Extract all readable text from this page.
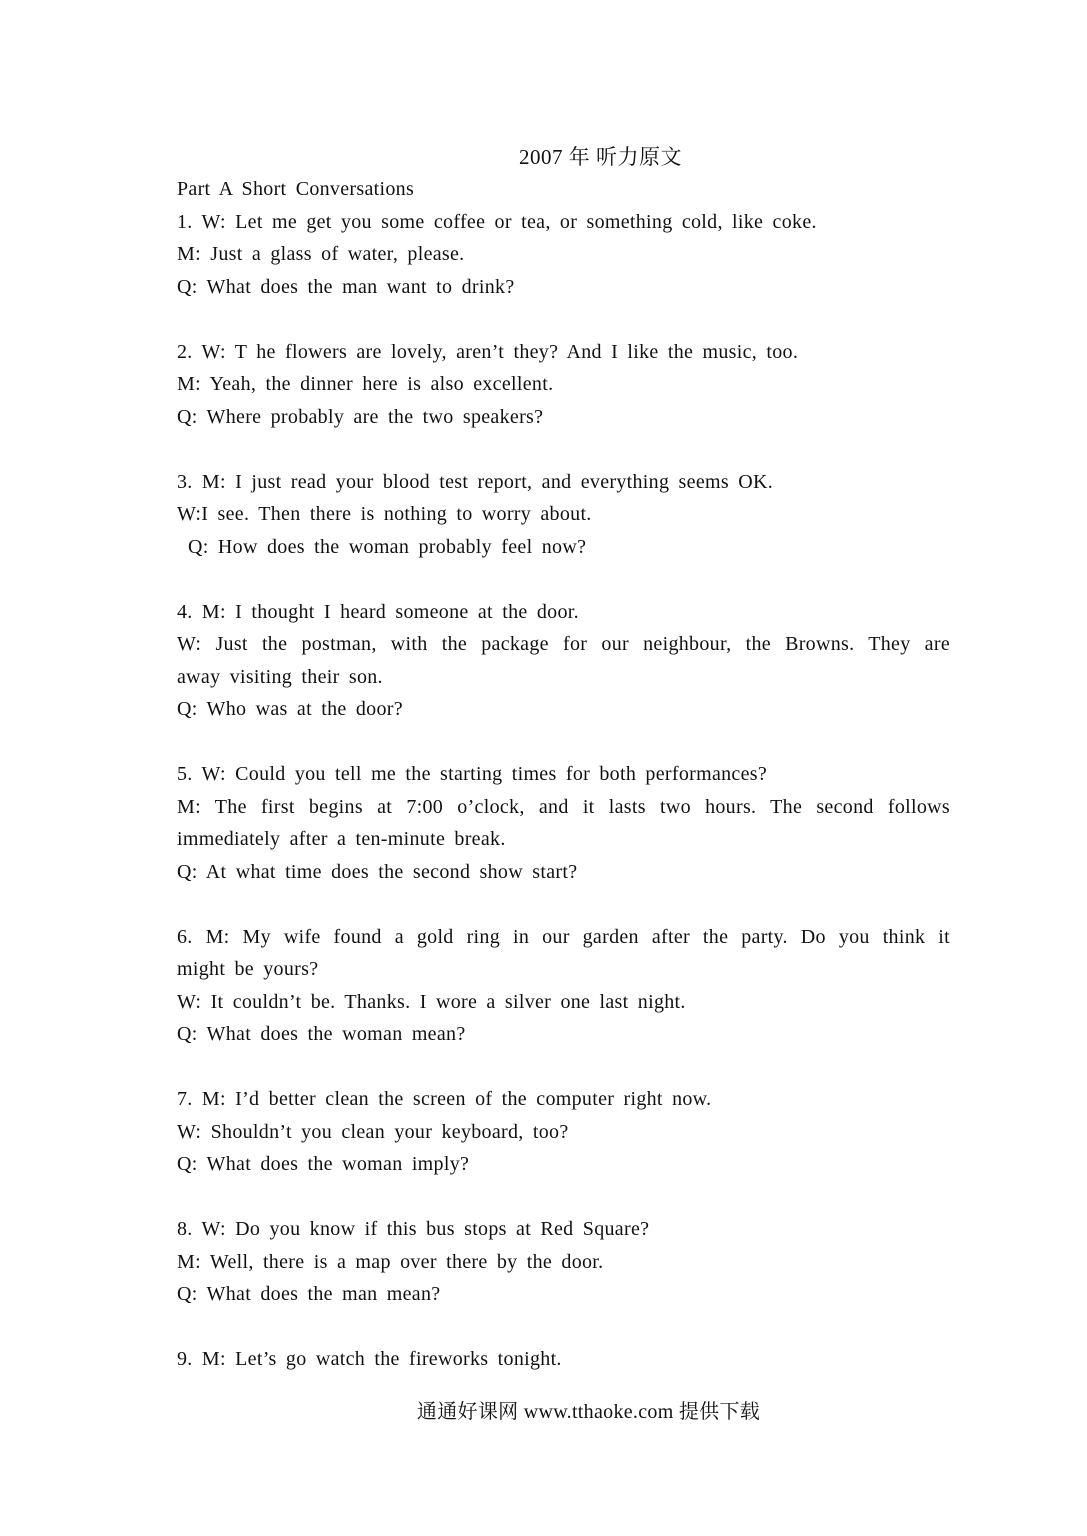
2007 年 听力原文
Part A Short Conversations
1. W: Let me get you some coffee or tea, or something cold, like coke.
M: Just a glass of water, please.
Q: What does the man want to drink?
2. W: T he flowers are lovely, aren’t they? And I like the music, too.
M: Yeah, the dinner here is also excellent.
Q: Where probably are the two speakers?
3. M: I just read your blood test report, and everything seems OK.
W:I see. Then there is nothing to worry about.
Q: How does the woman probably feel now?
4. M: I thought I heard someone at the door.
W: Just the postman, with the package for our neighbour, the Browns. They are
away visiting their son.
Q: Who was at the door?
5. W: Could you tell me the starting times for both performances?
M: The first begins at 7:00 o’clock, and it lasts two hours. The second follows
immediately after a ten-minute break.
Q: At what time does the second show start?
6. M: My wife found a gold ring in our garden after the party. Do you think it
might be yours?
W: It couldn’t be. Thanks. I wore a silver one last night.
Q: What does the woman mean?
7. M: I’d better clean the screen of the computer right now.
W: Shouldn’t you clean your keyboard, too?
Q: What does the woman imply?
8. W: Do you know if this bus stops at Red Square?
M: Well, there is a map over there by the door.
Q: What does the man mean?
9. M: Let’s go watch the fireworks tonight.
通通好课网 www.tthaoke.com 提供下载
